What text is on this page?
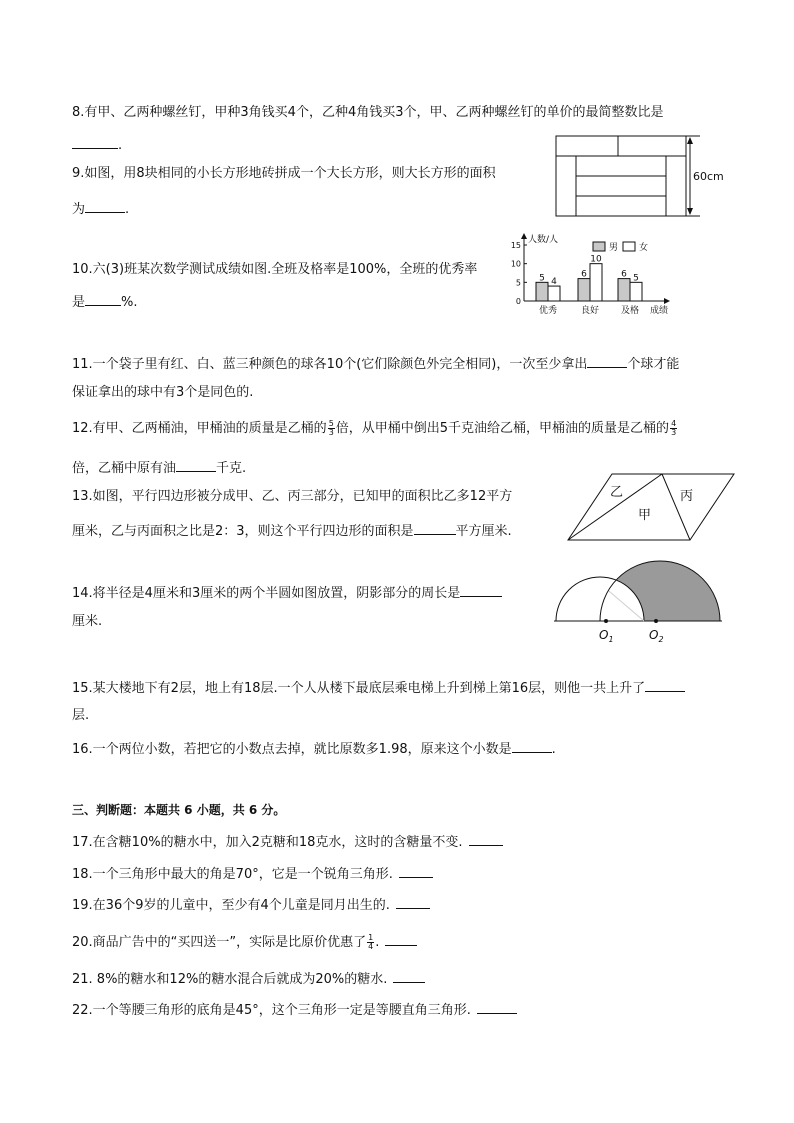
8.有甲、乙两种螺丝钉，甲种3角钱买4个，乙种4角钱买3个，甲、乙两种螺丝钉的单价的最简整数比是
.
9.如图，用8块相同的小长方形地砖拼成一个大长方形，则大长方形的面积
为	.
60cm
10.六(3)班某次数学测试成绩如图.全班及格率是100%，全班的优秀率
是	%.	0
5
10
15
人数/人
成绩
男 女
5 4
优秀
6
10
良好
6 5
及格
11.一个袋子里有红、白、蓝三种颜色的球各10个(它们除颜色外完全相同)，一次至少拿出	个球才能
保证拿出的球中有3个是同色的.
12.有甲、乙两桶油，甲桶油的质量是乙桶的 $\frac{5}{3}$ 倍，从甲桶中倒出5千克油给乙桶，甲桶油的质量是乙桶的 $\frac{4}{3}$
倍，乙桶中原有油	千克.
13.如图，平行四边形被分成甲、乙、丙三部分，已知甲的面积比乙多12平方
厘米，乙与丙面积之比是2：3，则这个平行四边形的面积是	平方厘米.
乙
甲
丙
14.将半径是4厘米和3厘米的两个半圆如图放置，阴影部分的周长是
厘米.
$O_1$	$O_2$
15.某大楼地下有2层，地上有18层.一个人从楼下最底层乘电梯上升到梯上第16层，则他一共上升了
层.
16.一个两位小数，若把它的小数点去掉，就比原数多1.98，原来这个小数是	.
三、判断题：本题共 6 小题，共 6 分。
17.在含糖10%的糖水中，加入2克糖和18克水，这时的含糖量不变.
18.一个三角形中最大的角是70°，它是一个锐角三角形.
19.在36个9岁的儿童中，至少有4个儿童是同月出生的.
20.商品广告中的“买四送一”，实际是比原价优惠了 $\frac{1}{4}$ .
21. 8%的糖水和12%的糖水混合后就成为20%的糖水.
22.一个等腰三角形的底角是45°，这个三角形一定是等腰直角三角形.
